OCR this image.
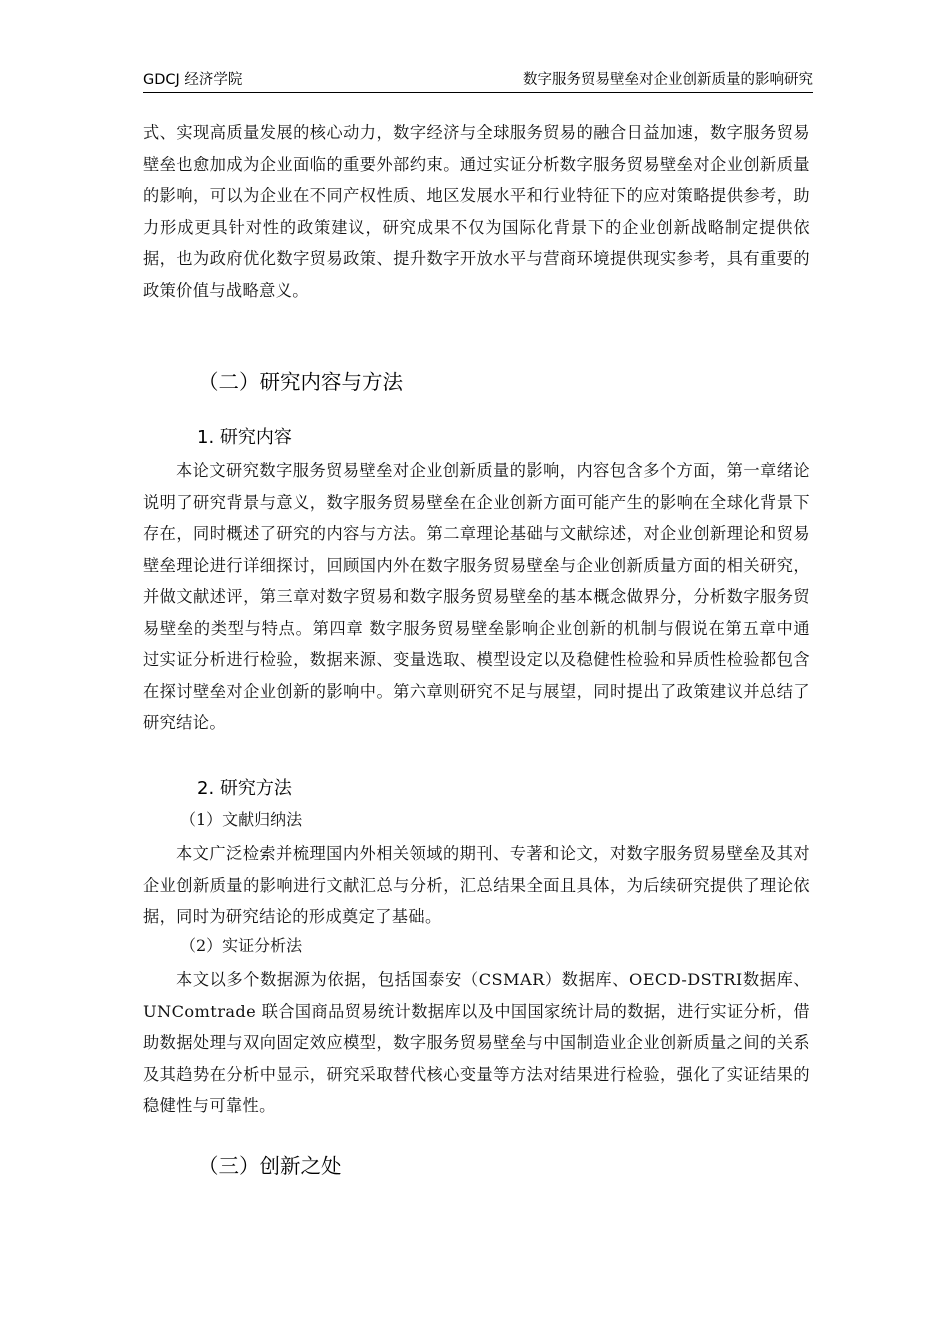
GDCJ 经济学院	数字服务贸易壁垒对企业创新质量的影响研究

式、实现高质量发展的核心动力，数字经济与全球服务贸易的融合日益加速，数字服务贸易壁垒也愈加成为企业面临的重要外部约束。通过实证分析数字服务贸易壁垒对企业创新质量的影响，可以为企业在不同产权性质、地区发展水平和行业特征下的应对策略提供参考，助力形成更具针对性的政策建议，研究成果不仅为国际化背景下的企业创新战略制定提供依据，也为政府优化数字贸易政策、提升数字开放水平与营商环境提供现实参考，具有重要的政策价值与战略意义。

（二）研究内容与方法
1. 研究内容

本论文研究数字服务贸易壁垒对企业创新质量的影响，内容包含多个方面，第一章绪论说明了研究背景与意义，数字服务贸易壁垒在企业创新方面可能产生的影响在全球化背景下存在，同时概述了研究的内容与方法。第二章理论基础与文献综述，对企业创新理论和贸易壁垒理论进行详细探讨，回顾国内外在数字服务贸易壁垒与企业创新质量方面的相关研究，并做文献述评，第三章对数字贸易和数字服务贸易壁垒的基本概念做界分，分析数字服务贸易壁垒的类型与特点。第四章 数字服务贸易壁垒影响企业创新的机制与假说在第五章中通过实证分析进行检验，数据来源、变量选取、模型设定以及稳健性检验和异质性检验都包含在探讨壁垒对企业创新的影响中。第六章则研究不足与展望，同时提出了政策建议并总结了研究结论。

2. 研究方法
（1）文献归纳法

本文广泛检索并梳理国内外相关领域的期刊、专著和论文，对数字服务贸易壁垒及其对企业创新质量的影响进行文献汇总与分析，汇总结果全面且具体，为后续研究提供了理论依据，同时为研究结论的形成奠定了基础。

（2）实证分析法

本文以多个数据源为依据，包括国泰安（CSMAR）数据库、OECD-DSTRI数据库、UNComtrade 联合国商品贸易统计数据库以及中国国家统计局的数据，进行实证分析，借助数据处理与双向固定效应模型，数字服务贸易壁垒与中国制造业企业创新质量之间的关系及其趋势在分析中显示，研究采取替代核心变量等方法对结果进行检验，强化了实证结果的稳健性与可靠性。

（三）创新之处
